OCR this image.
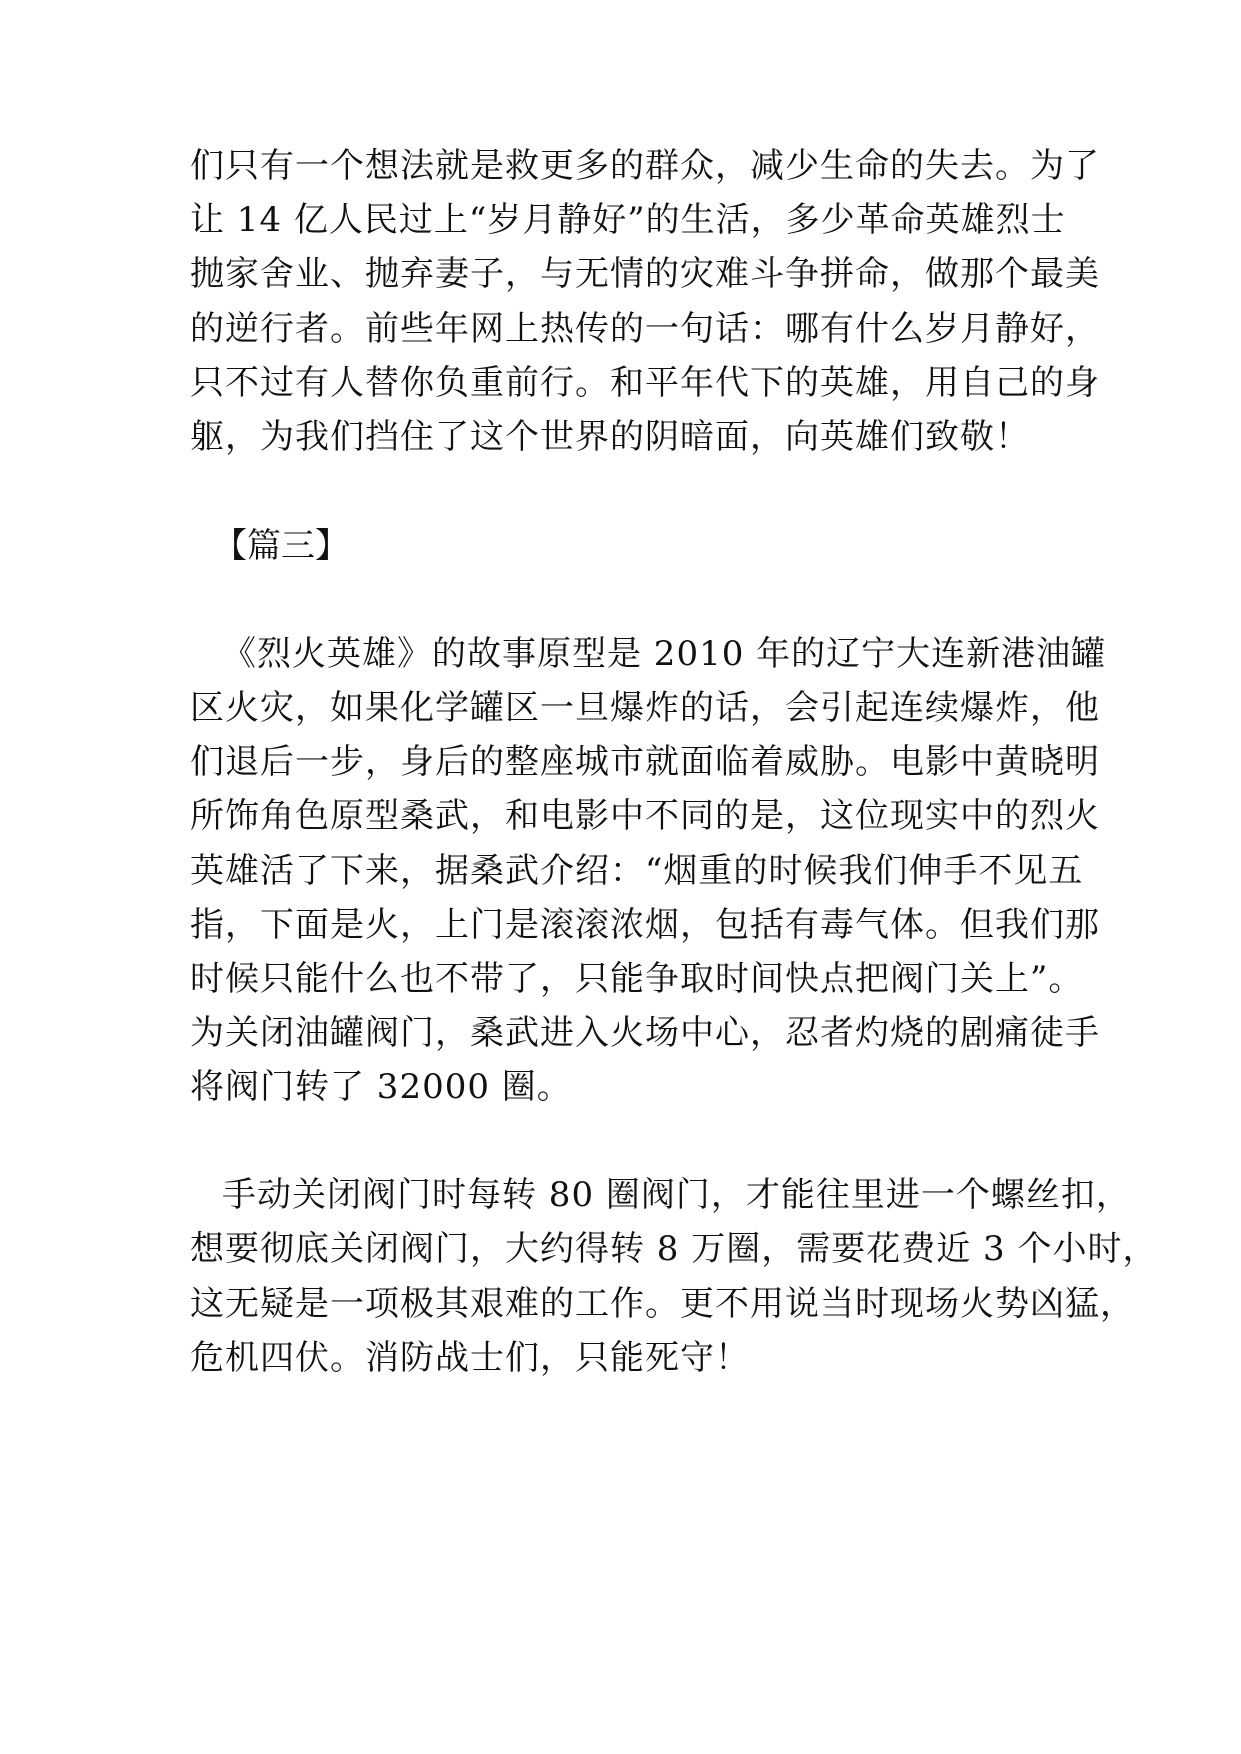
们只有一个想法就是救更多的群众，减少生命的失去。为了
让 14 亿人民过上“岁月静好”的生活，多少革命英雄烈士
抛家舍业、抛弃妻子，与无情的灾难斗争拼命，做那个最美
的逆行者。前些年网上热传的一句话：哪有什么岁月静好，
只不过有人替你负重前行。和平年代下的英雄，用自己的身
躯，为我们挡住了这个世界的阴暗面，向英雄们致敬！
【篇三】
《烈火英雄》的故事原型是 2010 年的辽宁大连新港油罐
区火灾，如果化学罐区一旦爆炸的话，会引起连续爆炸，他
们退后一步，身后的整座城市就面临着威胁。电影中黄晓明
所饰角色原型桑武，和电影中不同的是，这位现实中的烈火
英雄活了下来，据桑武介绍：“烟重的时候我们伸手不见五
指，下面是火，上门是滚滚浓烟，包括有毒气体。但我们那
时候只能什么也不带了，只能争取时间快点把阀门关上”。
为关闭油罐阀门，桑武进入火场中心，忍者灼烧的剧痛徒手
将阀门转了 32000 圈。
手动关闭阀门时每转 80 圈阀门，才能往里进一个螺丝扣，
想要彻底关闭阀门，大约得转 8 万圈，需要花费近 3 个小时，
这无疑是一项极其艰难的工作。更不用说当时现场火势凶猛，
危机四伏。消防战士们，只能死守！
